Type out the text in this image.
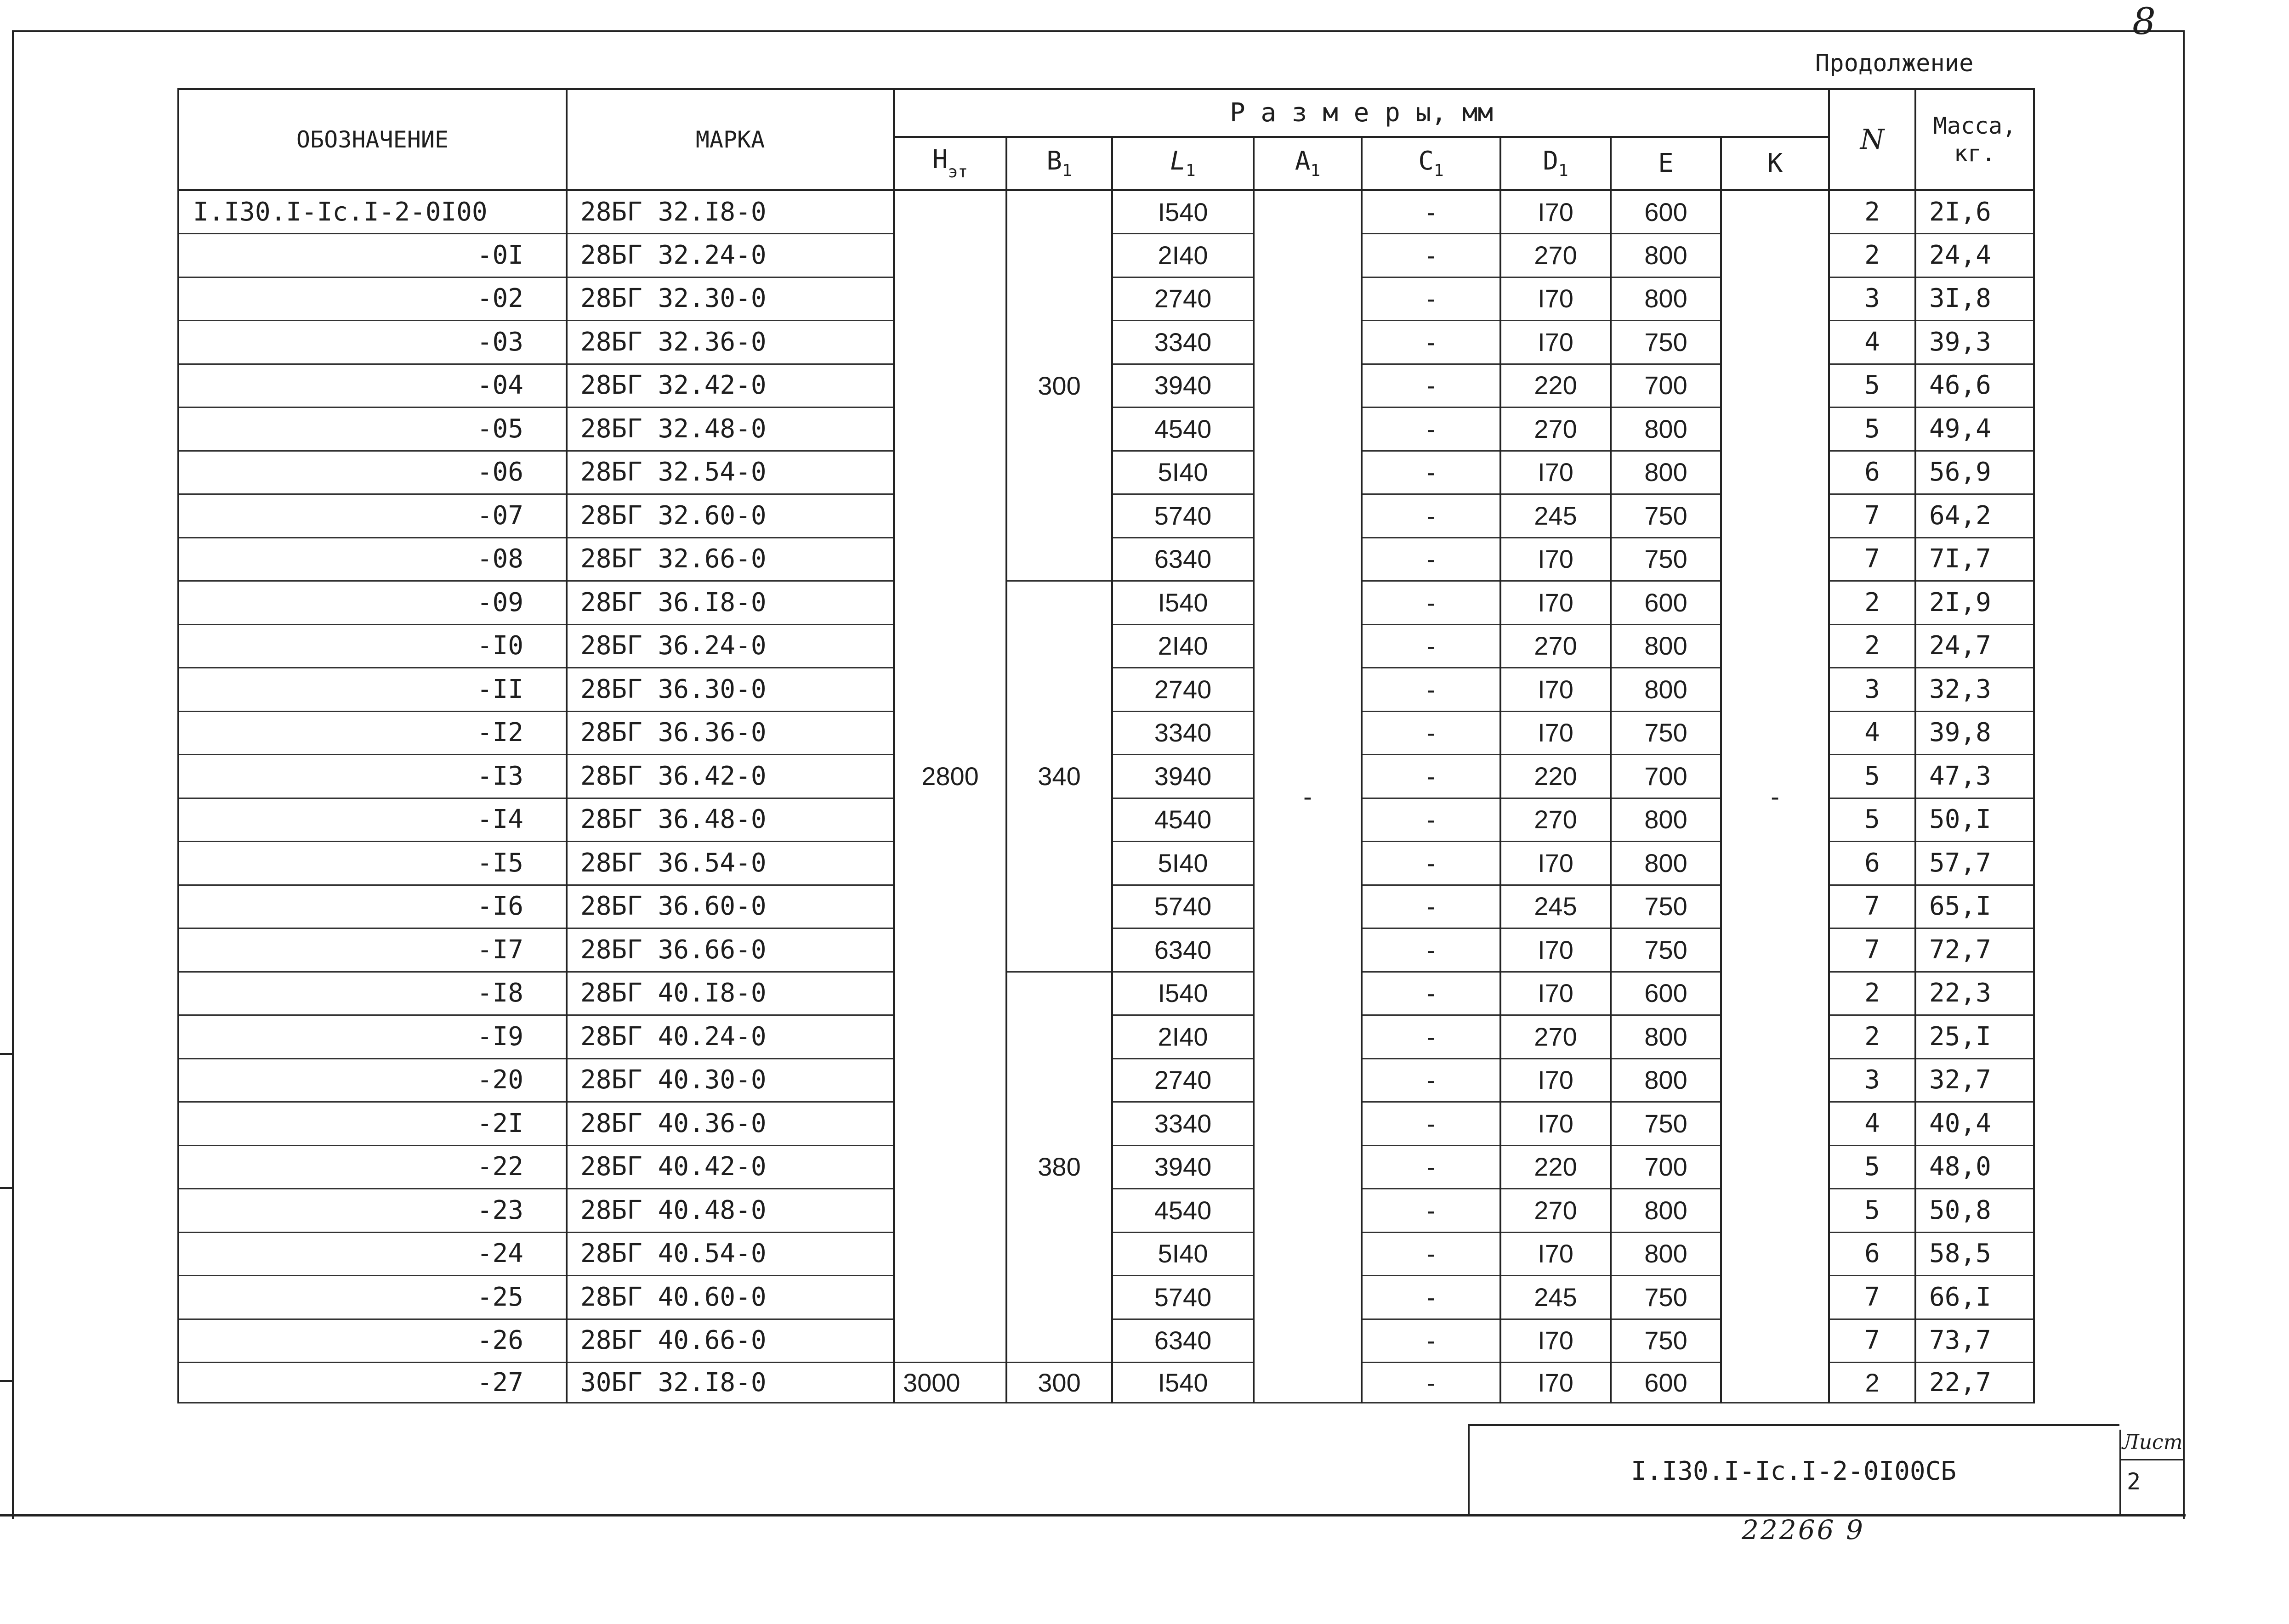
8
Продолжение
ОБОЗНАЧЕНИЕ	МАРКА	Р а з м е р ы, мм								N	Масса, кг.
		$H_{эт}$	$B_1$	$L_1$	$A_1$	$C_1$	$D_1$	E	K		
I.I30.I-Ic.I-2-0I00	28БГ 32.I8-0	2800	300	I540	-	-	I70	600	-	2	2I,6
-0I	28БГ 32.24-0			2I40		-	270	800		2	24,4
-02	28БГ 32.30-0			2740		-	I70	800		3	3I,8
-03	28БГ 32.36-0			3340		-	I70	750		4	39,3
-04	28БГ 32.42-0			3940		-	220	700		5	46,6
-05	28БГ 32.48-0			4540		-	270	800		5	49,4
-06	28БГ 32.54-0			5I40		-	I70	800		6	56,9
-07	28БГ 32.60-0			5740		-	245	750		7	64,2
-08	28БГ 32.66-0			6340		-	I70	750		7	7I,7
-09	28БГ 36.I8-0		340	I540		-	I70	600		2	2I,9
-I0	28БГ 36.24-0			2I40		-	270	800		2	24,7
-II	28БГ 36.30-0			2740		-	I70	800		3	32,3
-I2	28БГ 36.36-0			3340		-	I70	750		4	39,8
-I3	28БГ 36.42-0			3940		-	220	700		5	47,3
-I4	28БГ 36.48-0			4540		-	270	800		5	50,I
-I5	28БГ 36.54-0			5I40		-	I70	800		6	57,7
-I6	28БГ 36.60-0			5740		-	245	750		7	65,I
-I7	28БГ 36.66-0			6340		-	I70	750		7	72,7
-I8	28БГ 40.I8-0		380	I540		-	I70	600		2	22,3
-I9	28БГ 40.24-0			2I40		-	270	800		2	25,I
-20	28БГ 40.30-0			2740		-	I70	800		3	32,7
-2I	28БГ 40.36-0			3340		-	I70	750		4	40,4
-22	28БГ 40.42-0			3940		-	220	700		5	48,0
-23	28БГ 40.48-0			4540		-	270	800		5	50,8
-24	28БГ 40.54-0			5I40		-	I70	800		6	58,5
-25	28БГ 40.60-0			5740		-	245	750		7	66,I
-26	28БГ 40.66-0			6340		-	I70	750		7	73,7
-27	30БГ 32.I8-0	3000	300	I540		-	I70	600		2	22,7
I.I30.I-Ic.I-2-0I00СБ
Лист
2
22266 9
